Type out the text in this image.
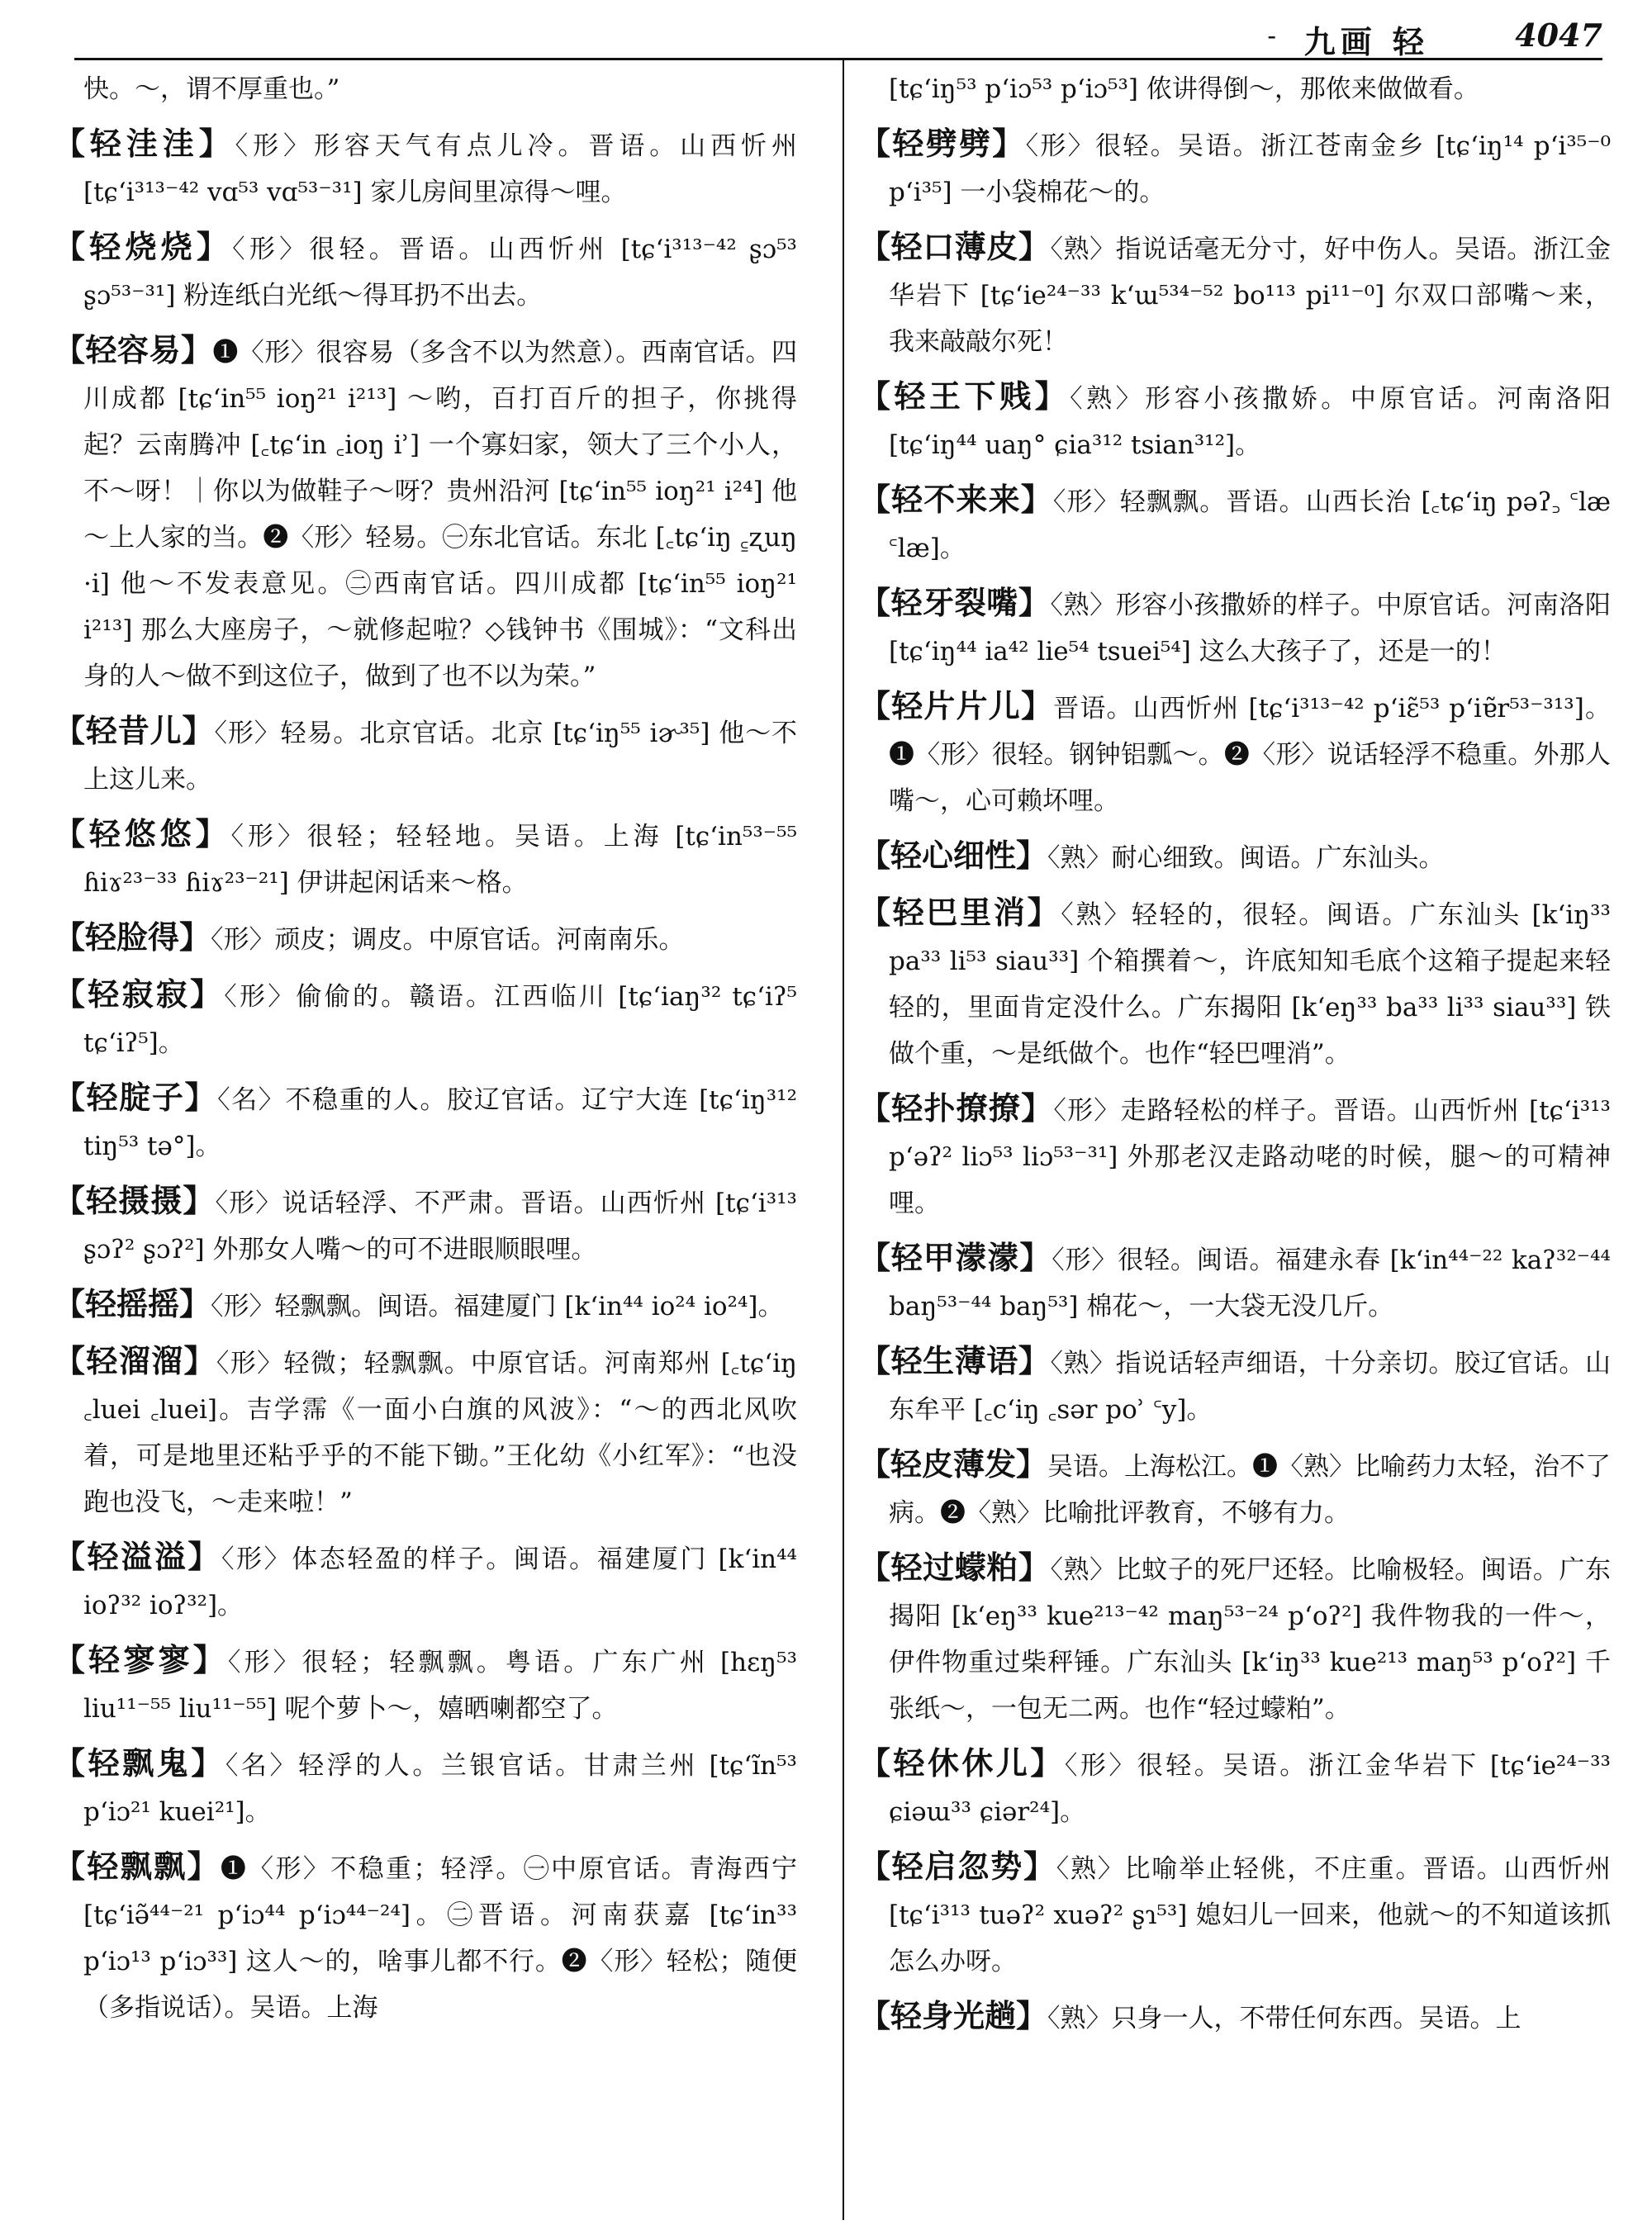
- 九画 轻	4047
快。～，谓不厚重也。”
【轻洼洼】〈形〉形容天气有点儿冷。晋语。山西忻州 [tɕʻi³¹³⁻⁴² vɑ⁵³ vɑ⁵³⁻³¹] 家儿房间里凉得～哩。
【轻烧烧】〈形〉很轻。晋语。山西忻州 [tɕʻi³¹³⁻⁴² ʂɔ⁵³ ʂɔ⁵³⁻³¹] 粉连纸白光纸～得耳扔不出去。
【轻容易】❶〈形〉很容易（多含不以为然意）。西南官话。四川成都 [tɕʻin⁵⁵ ioŋ²¹ i²¹³] ～哟，百打百斤的担子，你挑得起？云南腾冲 [꜀tɕʻin ꜀ioŋ iʾ] 一个寡妇家，领大了三个小人，不～呀！｜你以为做鞋子～呀？贵州沿河 [tɕʻin⁵⁵ ioŋ²¹ i²⁴] 他～上人家的当。❷〈形〉轻易。㊀东北官话。东北 [꜀tɕʻiŋ ꜁ʐuŋ ·i] 他～不发表意见。㊁西南官话。四川成都 [tɕʻin⁵⁵ ioŋ²¹ i²¹³] 那么大座房子，～就修起啦？◇钱钟书《围城》：“文科出身的人～做不到这位子，做到了也不以为荣。”
【轻昔儿】〈形〉轻易。北京官话。北京 [tɕʻiŋ⁵⁵ iɚ³⁵] 他～不上这儿来。
【轻悠悠】〈形〉很轻；轻轻地。吴语。上海 [tɕʻin⁵³⁻⁵⁵ ɦiɤ²³⁻³³ ɦiɤ²³⁻²¹] 伊讲起闲话来～格。
【轻脸得】〈形〉顽皮；调皮。中原官话。河南南乐。
【轻寂寂】〈形〉偷偷的。赣语。江西临川 [tɕʻiaŋ³² tɕʻiʔ⁵ tɕʻiʔ⁵]。
【轻腚子】〈名〉不稳重的人。胶辽官话。辽宁大连 [tɕʻiŋ³¹² tiŋ⁵³ tə°]。
【轻摄摄】〈形〉说话轻浮、不严肃。晋语。山西忻州 [tɕʻi³¹³ ʂɔʔ² ʂɔʔ²] 外那女人嘴～的可不进眼顺眼哩。
【轻摇摇】〈形〉轻飘飘。闽语。福建厦门 [kʻin⁴⁴ io²⁴ io²⁴]。
【轻溜溜】〈形〉轻微；轻飘飘。中原官话。河南郑州 [꜀tɕʻiŋ ꜀luei ꜀luei]。吉学霈《一面小白旗的风波》：“～的西北风吹着，可是地里还粘乎乎的不能下锄。”王化幼《小红军》：“也没跑也没飞，～走来啦！”
【轻溢溢】〈形〉体态轻盈的样子。闽语。福建厦门 [kʻin⁴⁴ ioʔ³² ioʔ³²]。
【轻寥寥】〈形〉很轻；轻飘飘。粤语。广东广州 [hɛŋ⁵³ liu¹¹⁻⁵⁵ liu¹¹⁻⁵⁵] 呢个萝卜～，嬉晒喇都空了。
【轻飘鬼】〈名〉轻浮的人。兰银官话。甘肃兰州 [tɕʻĩn⁵³ pʻiɔ²¹ kuei²¹]。
【轻飘飘】❶〈形〉不稳重；轻浮。㊀中原官话。青海西宁 [tɕʻiə̃⁴⁴⁻²¹ pʻiɔ⁴⁴ pʻiɔ⁴⁴⁻²⁴]。㊁晋语。河南获嘉 [tɕʻin³³ pʻiɔ¹³ pʻiɔ³³] 这人～的，啥事儿都不行。❷〈形〉轻松；随便（多指说话）。吴语。上海
[tɕʻiŋ⁵³ pʻiɔ⁵³ pʻiɔ⁵³] 侬讲得倒～，那侬来做做看。
【轻劈劈】〈形〉很轻。吴语。浙江苍南金乡 [tɕʻiŋ¹⁴ pʻi³⁵⁻⁰ pʻi³⁵] 一小袋棉花～的。
【轻口薄皮】〈熟〉指说话毫无分寸，好中伤人。吴语。浙江金华岩下 [tɕʻie²⁴⁻³³ kʻɯ⁵³⁴⁻⁵² bo¹¹³ pi¹¹⁻⁰] 尔双口部嘴～来，我来敲敲尔死！
【轻王下贱】〈熟〉形容小孩撒娇。中原官话。河南洛阳 [tɕʻiŋ⁴⁴ uaŋ° ɕia³¹² tsian³¹²]。
【轻不来来】〈形〉轻飘飘。晋语。山西长治 [꜀tɕʻiŋ pəʔ꜆ ꜂læ ꜂læ]。
【轻牙裂嘴】〈熟〉形容小孩撒娇的样子。中原官话。河南洛阳 [tɕʻiŋ⁴⁴ ia⁴² lie⁵⁴ tsuei⁵⁴] 这么大孩子了，还是一的！
【轻片片儿】晋语。山西忻州 [tɕʻi³¹³⁻⁴² pʻiɛ̃⁵³ pʻiɐ̃r⁵³⁻³¹³]。❶〈形〉很轻。钢钟铝瓢～。❷〈形〉说话轻浮不稳重。外那人嘴～，心可赖坏哩。
【轻心细性】〈熟〉耐心细致。闽语。广东汕头。
【轻巴里消】〈熟〉轻轻的，很轻。闽语。广东汕头 [kʻiŋ³³ pa³³ li⁵³ siau³³] 个箱撰着～，许底知知毛底个这箱子提起来轻轻的，里面肯定没什么。广东揭阳 [kʻeŋ³³ ba³³ li³³ siau³³] 铁做个重，～是纸做个。也作“轻巴哩消”。
【轻扑撩撩】〈形〉走路轻松的样子。晋语。山西忻州 [tɕʻi³¹³ pʻəʔ² liɔ⁵³ liɔ⁵³⁻³¹] 外那老汉走路动咾的时候，腿～的可精神哩。
【轻甲濛濛】〈形〉很轻。闽语。福建永春 [kʻin⁴⁴⁻²² kaʔ³²⁻⁴⁴ baŋ⁵³⁻⁴⁴ baŋ⁵³] 棉花～，一大袋无没几斤。
【轻生薄语】〈熟〉指说话轻声细语，十分亲切。胶辽官话。山东牟平 [꜀cʻiŋ ꜀sər poʾ ꜂y]。
【轻皮薄发】吴语。上海松江。❶〈熟〉比喻药力太轻，治不了病。❷〈熟〉比喻批评教育，不够有力。
【轻过蠓粕】〈熟〉比蚊子的死尸还轻。比喻极轻。闽语。广东揭阳 [kʻeŋ³³ kue²¹³⁻⁴² maŋ⁵³⁻²⁴ pʻoʔ²] 我件物我的一件～，伊件物重过柴秤锤。广东汕头 [kʻiŋ³³ kue²¹³ maŋ⁵³ pʻoʔ²] 千张纸～，一包无二两。也作“轻过蠓粕”。
【轻休休儿】〈形〉很轻。吴语。浙江金华岩下 [tɕʻie²⁴⁻³³ ɕiəɯ³³ ɕiər²⁴]。
【轻启忽势】〈熟〉比喻举止轻佻，不庄重。晋语。山西忻州 [tɕʻi³¹³ tuəʔ² xuəʔ² ʂɿ⁵³] 媳妇儿一回来，他就～的不知道该抓怎么办呀。
【轻身光趟】〈熟〉只身一人，不带任何东西。吴语。上
